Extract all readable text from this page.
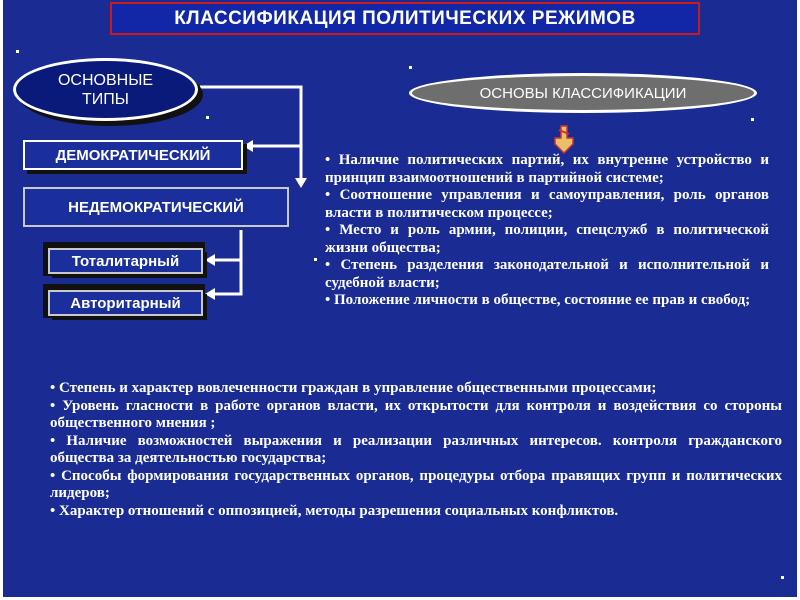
КЛАССИФИКАЦИЯ ПОЛИТИЧЕСКИХ РЕЖИМОВ
ОСНОВНЫЕ
ТИПЫ	ОСНОВЫ КЛАССИФИКАЦИИ
ДЕМОКРАТИЧЕСКИЙ
НЕДЕМОКРАТИЧЕСКИЙ
Тоталитарный
Авторитарный

• Наличие политических партий, их внутренне устройство и принцип взаимоотношений в партийной системе;

• Соотношение управления и самоуправления, роль органов власти в политическом процессе;

• Место и роль армии, полиции, спецслужб в политической жизни общества;

• Степень разделения законодательной и исполнительной и судебной власти;

• Положение личности в обществе, состояние ее прав и свобод;

• Степень и характер вовлеченности граждан в управление общественными процессами;

• Уровень гласности в работе органов власти, их открытости для контроля и воздействия со стороны общественного мнения ;

• Наличие возможностей выражения и реализации различных интересов. контроля гражданского общества за деятельностью государства;

• Способы формирования государственных органов, процедуры отбора правящих групп и политических лидеров;

• Характер отношений с оппозицией, методы разрешения социальных конфликтов.
